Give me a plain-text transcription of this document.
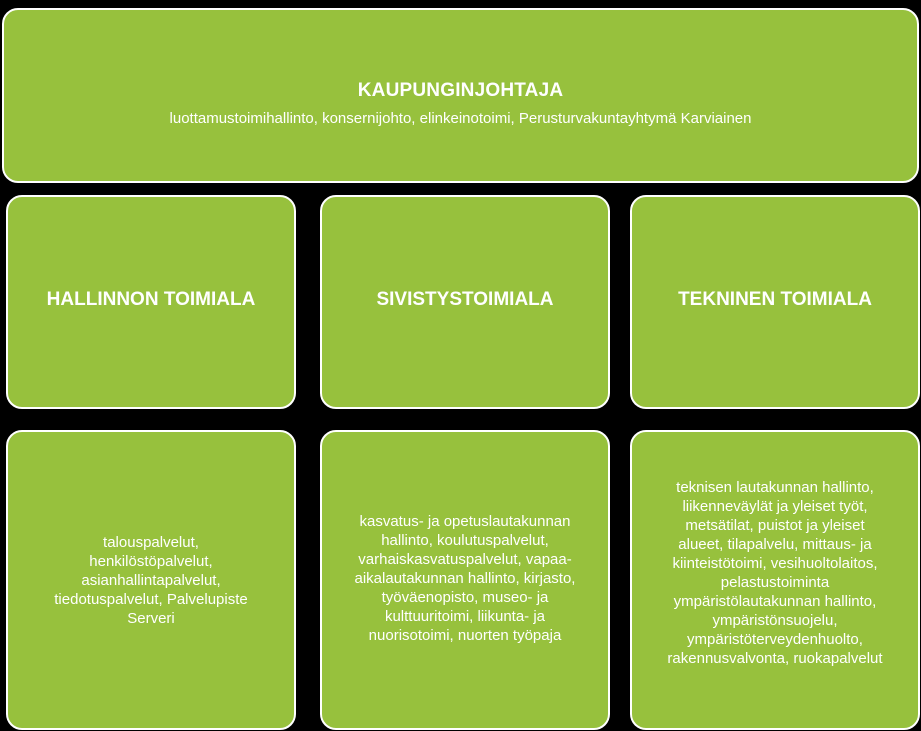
KAUPUNGINJOHTAJA
luottamustoimihallinto, konsernijohto, elinkeinotoimi, Perusturvakuntayhtymä Karviainen
HALLINNON TOIMIALA	SIVISTYSTOIMIALA	TEKNINEN TOIMIALA
talouspalvelut,
henkilöstöpalvelut,
asianhallintapalvelut,
tiedotuspalvelut, Palvelupiste
Serveri
kasvatus- ja opetuslautakunnan
hallinto, koulutuspalvelut,
varhaiskasvatuspalvelut, vapaa-
aikalautakunnan hallinto, kirjasto,
työväenopisto, museo- ja
kulttuuritoimi, liikunta- ja
nuorisotoimi, nuorten työpaja
teknisen lautakunnan hallinto,
liikenneväylät ja yleiset työt,
metsätilat, puistot ja yleiset
alueet, tilapalvelu, mittaus- ja
kiinteistötoimi, vesihuoltolaitos,
pelastustoiminta
ympäristölautakunnan hallinto,
ympäristönsuojelu,
ympäristöterveydenhuolto,
rakennusvalvonta, ruokapalvelut
